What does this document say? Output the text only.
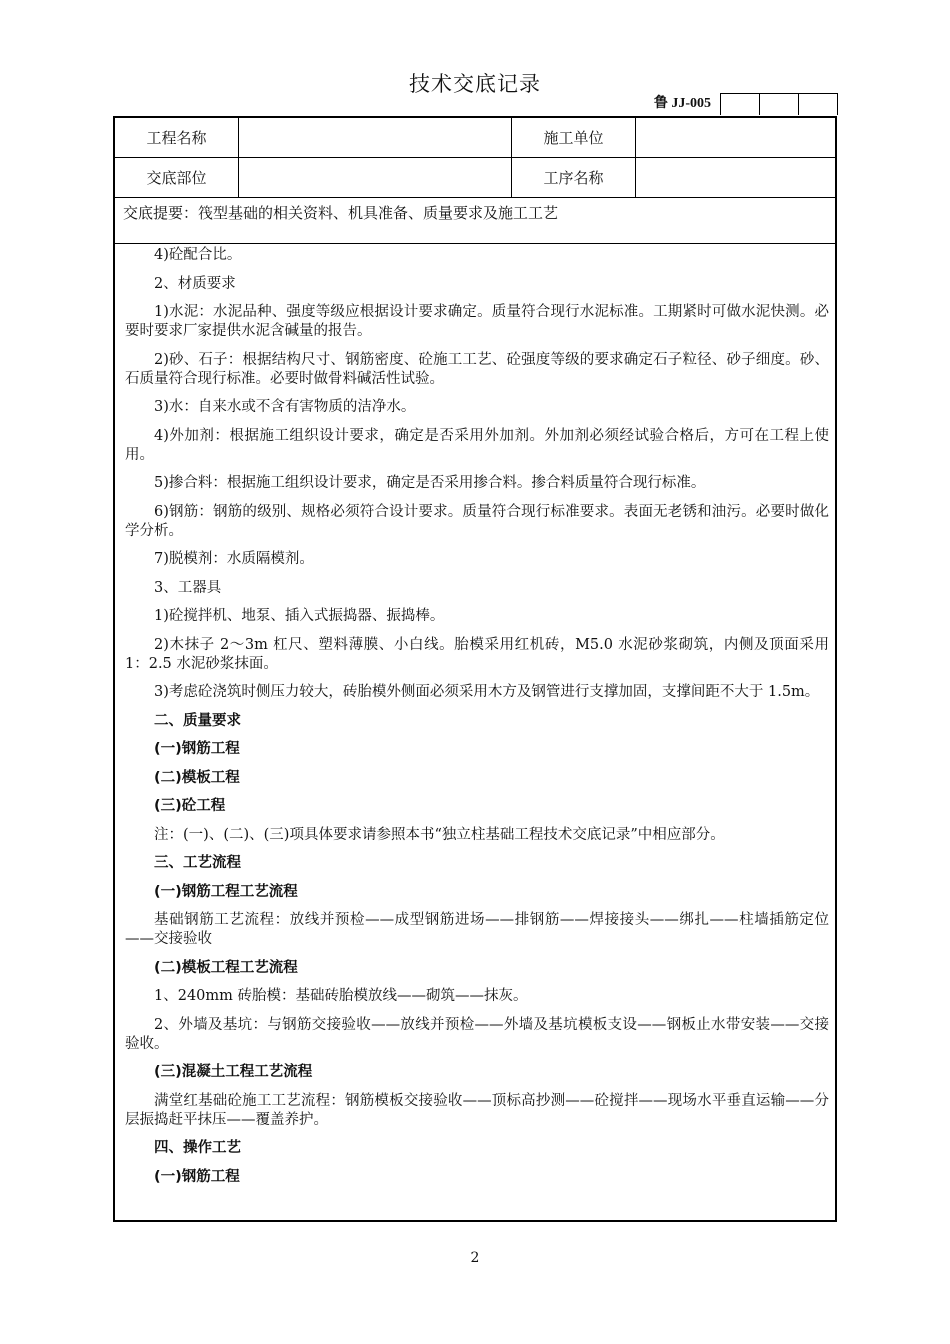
技术交底记录
鲁 JJ-005
工程名称	施工单位
交底部位	工序名称
交底提要：筏型基础的相关资料、机具准备、质量要求及施工工艺

4)砼配合比。

2、材质要求

1)水泥：水泥品种、强度等级应根据设计要求确定。质量符合现行水泥标准。工期紧时可做水泥快测。必要时要求厂家提供水泥含碱量的报告。

2)砂、石子：根据结构尺寸、钢筋密度、砼施工工艺、砼强度等级的要求确定石子粒径、砂子细度。砂、石质量符合现行标准。必要时做骨料碱活性试验。

3)水：自来水或不含有害物质的洁净水。

4)外加剂：根据施工组织设计要求，确定是否采用外加剂。外加剂必须经试验合格后，方可在工程上使用。

5)掺合料：根据施工组织设计要求，确定是否采用掺合料。掺合料质量符合现行标准。

6)钢筋：钢筋的级别、规格必须符合设计要求。质量符合现行标准要求。表面无老锈和油污。必要时做化学分析。

7)脱模剂：水质隔模剂。

3、工器具

1)砼搅拌机、地泵、插入式振捣器、振捣棒。

2)木抹子 2～3m 杠尺、塑料薄膜、小白线。胎模采用红机砖，M5.0 水泥砂浆砌筑，内侧及顶面采用 1：2.5 水泥砂浆抹面。

3)考虑砼浇筑时侧压力较大，砖胎模外侧面必须采用木方及钢管进行支撑加固，支撑间距不大于 1.5m。

二、质量要求

(一)钢筋工程

(二)模板工程

(三)砼工程

注：(一)、(二)、(三)项具体要求请参照本书“独立柱基础工程技术交底记录”中相应部分。

三、工艺流程

(一)钢筋工程工艺流程

基础钢筋工艺流程：放线并预检——成型钢筋进场——排钢筋——焊接接头——绑扎——柱墙插筋定位——交接验收

(二)模板工程工艺流程

1、240mm 砖胎模：基础砖胎模放线——砌筑——抹灰。

2、外墙及基坑：与钢筋交接验收——放线并预检——外墙及基坑模板支设——钢板止水带安装——交接验收。

(三)混凝土工程工艺流程

满堂红基础砼施工工艺流程：钢筋模板交接验收——顶标高抄测——砼搅拌——现场水平垂直运输——分层振捣赶平抹压——覆盖养护。

四、操作工艺

(一)钢筋工程

2
